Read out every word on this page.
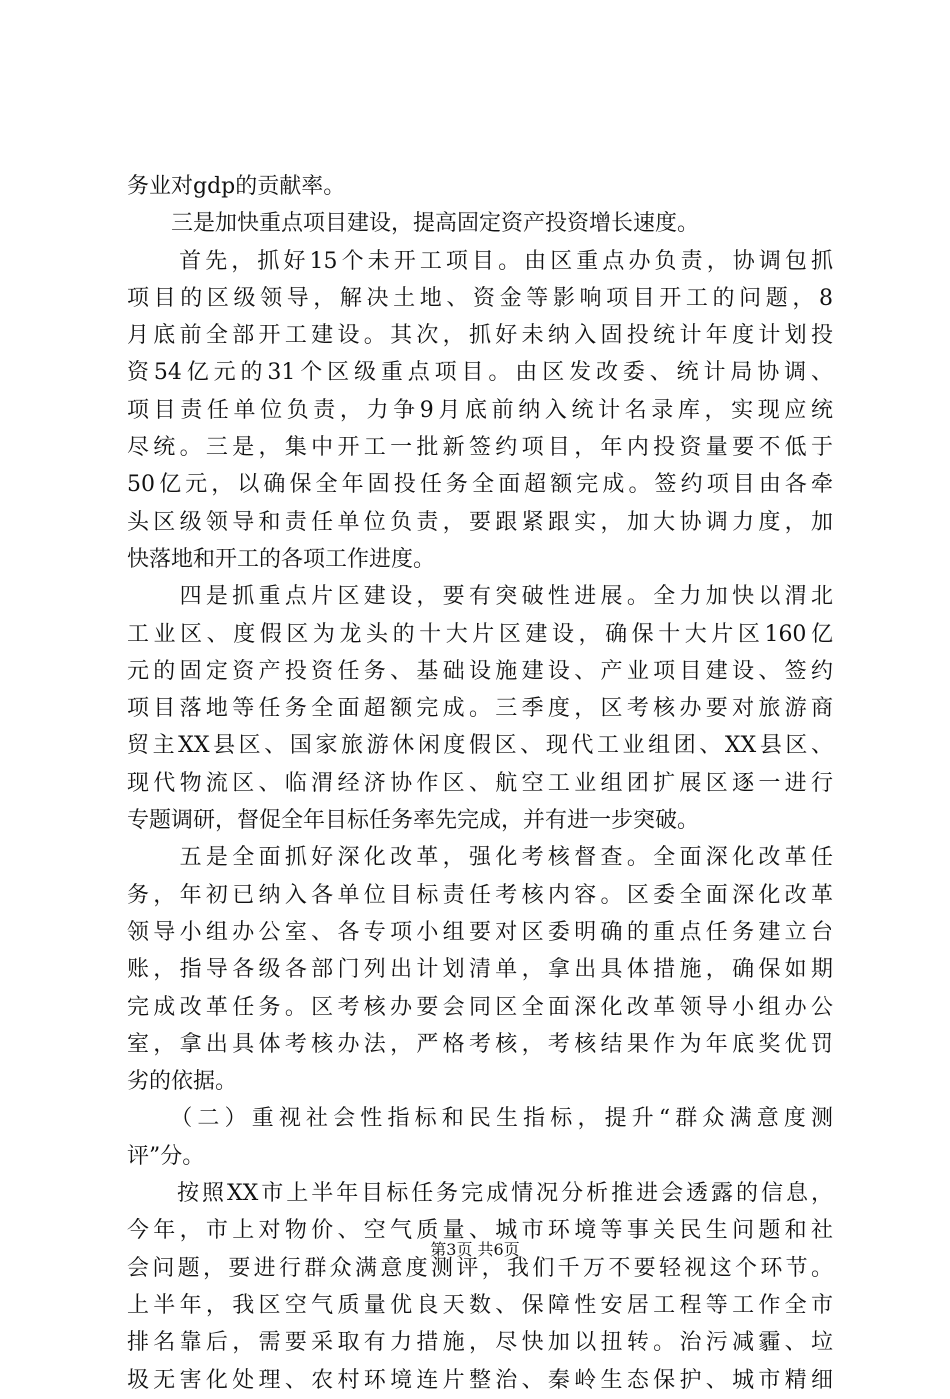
务业对gdp的贡献率。
　　三是加快重点项目建设，提高固定资产投资增长速度。
　　首先，抓好15个未开工项目。由区重点办负责，协调包抓
项目的区级领导，解决土地、资金等影响项目开工的问题，8
月底前全部开工建设。其次，抓好未纳入固投统计年度计划投
资54亿元的31个区级重点项目。由区发改委、统计局协调、
项目责任单位负责，力争9月底前纳入统计名录库，实现应统
尽统。三是，集中开工一批新签约项目，年内投资量要不低于
50亿元，以确保全年固投任务全面超额完成。签约项目由各牵
头区级领导和责任单位负责，要跟紧跟实，加大协调力度，加
快落地和开工的各项工作进度。
　　四是抓重点片区建设，要有突破性进展。全力加快以渭北
工业区、度假区为龙头的十大片区建设，确保十大片区160亿
元的固定资产投资任务、基础设施建设、产业项目建设、签约
项目落地等任务全面超额完成。三季度，区考核办要对旅游商
贸主XX县区、国家旅游休闲度假区、现代工业组团、XX县区、
现代物流区、临渭经济协作区、航空工业组团扩展区逐一进行
专题调研，督促全年目标任务率先完成，并有进一步突破。
　　五是全面抓好深化改革，强化考核督查。全面深化改革任
务，年初已纳入各单位目标责任考核内容。区委全面深化改革
领导小组办公室、各专项小组要对区委明确的重点任务建立台
账，指导各级各部门列出计划清单，拿出具体措施，确保如期
完成改革任务。区考核办要会同区全面深化改革领导小组办公
室，拿出具体考核办法，严格考核，考核结果作为年底奖优罚
劣的依据。
　　（二）重视社会性指标和民生指标，提升“群众满意度测
评”分。
　　按照XX市上半年目标任务完成情况分析推进会透露的信息，
今年，市上对物价、空气质量、城市环境等事关民生问题和社
会问题，要进行群众满意度测评，我们千万不要轻视这个环节。
上半年，我区空气质量优良天数、保障性安居工程等工作全市
排名靠后，需要采取有力措施，尽快加以扭转。治污减霾、垃
圾无害化处理、农村环境连片整治、秦岭生态保护、城市精细
第3页 共6页
